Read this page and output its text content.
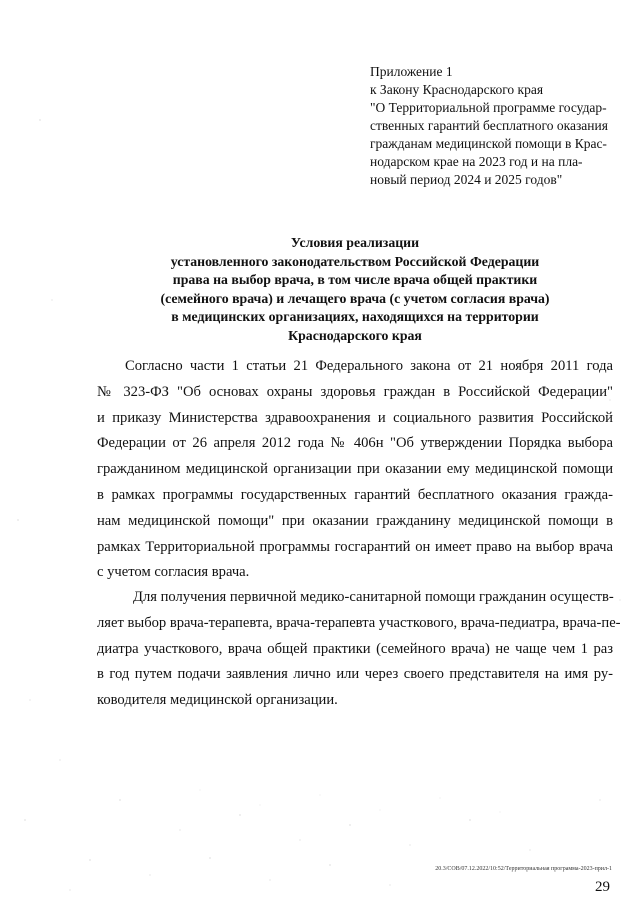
Приложение 1
к Закону Краснодарского края
"О Территориальной программе государ-
ственных гарантий бесплатного оказания
гражданам медицинской помощи в Крас-
нодарском крае на 2023 год и на пла-
новый период 2024 и 2025 годов"
Условия реализации
установленного законодательством Российской Федерации
права на выбор врача, в том числе врача общей практики
(семейного врача) и лечащего врача (с учетом согласия врача)
в медицинских организациях, находящихся на территории
Краснодарского края
Согласно части 1 статьи 21 Федерального закона от 21 ноября 2011 года
№ 323-ФЗ "Об основах охраны здоровья граждан в Российской Федерации"
и приказу Министерства здравоохранения и социального развития Российской
Федерации от 26 апреля 2012 года № 406н "Об утверждении Порядка выбора
гражданином медицинской организации при оказании ему медицинской помощи
в рамках программы государственных гарантий бесплатного оказания гражда-
нам медицинской помощи" при оказании гражданину медицинской помощи в
рамках Территориальной программы госгарантий он имеет право на выбор врача
с учетом согласия врача.
Для получения первичной медико-санитарной помощи гражданин осуществ-
ляет выбор врача-терапевта, врача-терапевта участкового, врача-педиатра, врача-пе-
диатра участкового, врача общей практики (семейного врача) не чаще чем 1 раз
в год путем подачи заявления лично или через своего представителя на имя ру-
ководителя медицинской организации.
20.3/СОВ/07.12.2022/10:52/Территориальная программа-2023-прил-1
29
